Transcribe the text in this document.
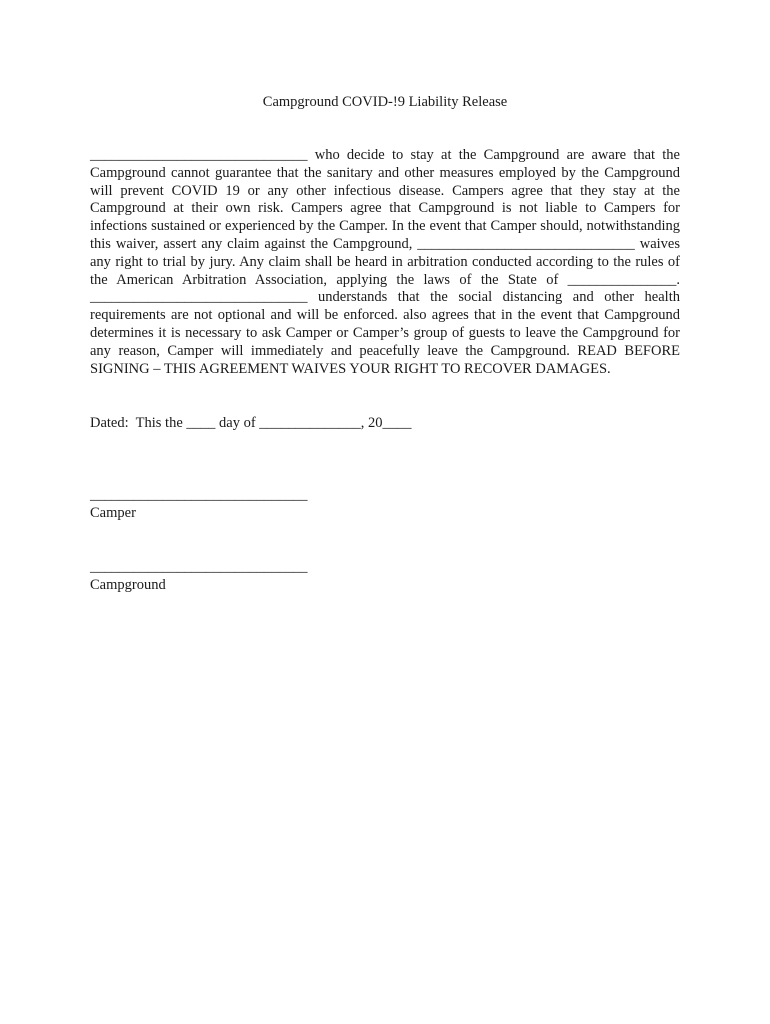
Campground COVID-!9 Liability Release

______________________________ who decide to stay at the Campground are aware that the Campground cannot guarantee that the sanitary and other measures employed by the Campground will prevent COVID 19 or any other infectious disease. Campers agree that they stay at the Campground at their own risk. Campers agree that Campground is not liable to Campers for infections sustained or experienced by the Camper. In the event that Camper should, notwithstanding this waiver, assert any claim against the Campground, ______________________________ waives any right to trial by jury. Any claim shall be heard in arbitration conducted according to the rules of the American Arbitration Association, applying the laws of the State of _______________. ______________________________ understands that the social distancing and other health requirements are not optional and will be enforced. also agrees that in the event that Campground determines it is necessary to ask Camper or Camper’s group of guests to leave the Campground for any reason, Camper will immediately and peacefully leave the Campground. READ BEFORE SIGNING – THIS AGREEMENT WAIVES YOUR RIGHT TO RECOVER DAMAGES.

Dated:  This the ____ day of ______________, 20____

______________________________
Camper
______________________________
Campground
